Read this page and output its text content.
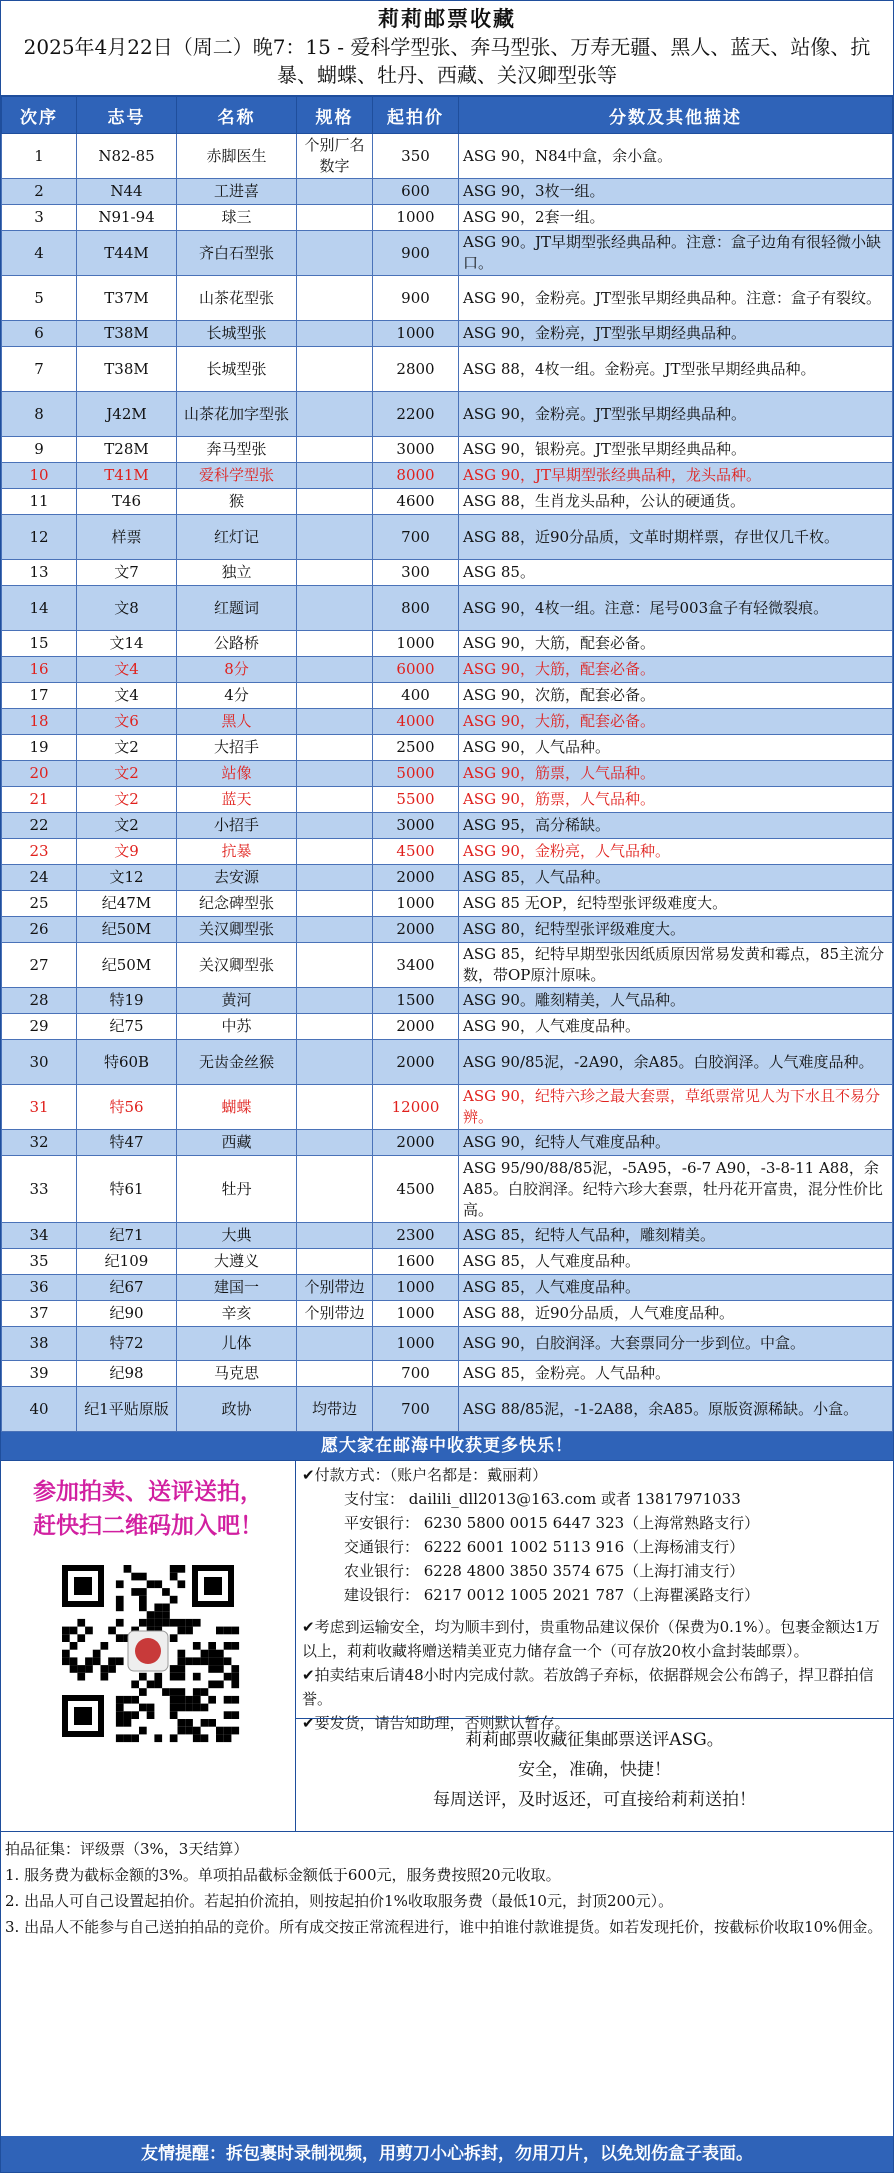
莉莉邮票收藏
2025年4月22日（周二）晚7：15 - 爱科学型张、奔马型张、万寿无疆、黑人、蓝天、站像、抗暴、蝴蝶、牡丹、西藏、关汉卿型张等
次序	志号	名称	规格	起拍价	分数及其他描述
1	N82-85	赤脚医生	个别厂名数字	350	ASG 90，N84中盒，余小盒。
2	N44	工进喜		600	ASG 90，3枚一组。
3	N91-94	球三		1000	ASG 90，2套一组。
4	T44M	齐白石型张		900	ASG 90。JT早期型张经典品种。注意：盒子边角有很轻微小缺口。
5	T37M	山茶花型张		900	ASG 90，金粉亮。JT型张早期经典品种。注意：盒子有裂纹。
6	T38M	长城型张		1000	ASG 90，金粉亮，JT型张早期经典品种。
7	T38M	长城型张		2800	ASG 88，4枚一组。金粉亮。JT型张早期经典品种。
8	J42M	山茶花加字型张		2200	ASG 90，金粉亮。JT型张早期经典品种。
9	T28M	奔马型张		3000	ASG 90，银粉亮。JT型张早期经典品种。
10	T41M	爱科学型张		8000	ASG 90，JT早期型张经典品种，龙头品种。
11	T46	猴		4600	ASG 88，生肖龙头品种，公认的硬通货。
12	样票	红灯记		700	ASG 88，近90分品质，文革时期样票，存世仅几千枚。
13	文7	独立		300	ASG 85。
14	文8	红题词		800	ASG 90，4枚一组。注意：尾号003盒子有轻微裂痕。
15	文14	公路桥		1000	ASG 90，大筋，配套必备。
16	文4	8分		6000	ASG 90，大筋，配套必备。
17	文4	4分		400	ASG 90，次筋，配套必备。
18	文6	黑人		4000	ASG 90，大筋，配套必备。
19	文2	大招手		2500	ASG 90，人气品种。
20	文2	站像		5000	ASG 90，筋票，人气品种。
21	文2	蓝天		5500	ASG 90，筋票，人气品种。
22	文2	小招手		3000	ASG 95，高分稀缺。
23	文9	抗暴		4500	ASG 90，金粉亮，人气品种。
24	文12	去安源		2000	ASG 85，人气品种。
25	纪47M	纪念碑型张		1000	ASG 85 无OP，纪特型张评级难度大。
26	纪50M	关汉卿型张		2000	ASG 80，纪特型张评级难度大。
27	纪50M	关汉卿型张		3400	ASG 85，纪特早期型张因纸质原因常易发黄和霉点，85主流分数，带OP原汁原味。
28	特19	黄河		1500	ASG 90。雕刻精美，人气品种。
29	纪75	中苏		2000	ASG 90，人气难度品种。
30	特60B	无齿金丝猴		2000	ASG 90/85泥，-2A90，余A85。白胶润泽。人气难度品种。
31	特56	蝴蝶		12000	ASG 90，纪特六珍之最大套票，草纸票常见人为下水且不易分辨。
32	特47	西藏		2000	ASG 90，纪特人气难度品种。
33	特61	牡丹		4500	ASG 95/90/88/85泥，-5A95，-6-7 A90，-3-8-11 A88，余A85。白胶润泽。纪特六珍大套票，牡丹花开富贵，混分性价比高。
34	纪71	大典		2300	ASG 85，纪特人气品种，雕刻精美。
35	纪109	大遵义		1600	ASG 85，人气难度品种。
36	纪67	建国一	个别带边	1000	ASG 85，人气难度品种。
37	纪90	辛亥	个别带边	1000	ASG 88，近90分品质，人气难度品种。
38	特72	儿体		1000	ASG 90，白胶润泽。大套票同分一步到位。中盒。
39	纪98	马克思		700	ASG 85，金粉亮。人气品种。
40	纪1平贴原版	政协	均带边	700	ASG 88/85泥，-1-2A88，余A85。原版资源稀缺。小盒。
愿大家在邮海中收获更多快乐！
参加拍卖、送评送拍，
赶快扫二维码加入吧！
✔付款方式：（账户名都是：戴丽莉）
支付宝： dailili_dll2013@163.com 或者 13817971033
平安银行： 6230 5800 0015 6447 323（上海常熟路支行）
交通银行： 6222 6001 1002 5113 916（上海杨浦支行）
农业银行： 6228 4800 3850 3574 675（上海打浦支行）
建设银行： 6217 0012 1005 2021 787（上海瞿溪路支行）
✔考虑到运输安全，均为顺丰到付，贵重物品建议保价（保费为0.1%）。包裹金额达1万以上，莉莉收藏将赠送精美亚克力储存盒一个（可存放20枚小盒封装邮票）。
✔拍卖结束后请48小时内完成付款。若放鸽子弃标，依据群规会公布鸽子，捍卫群拍信誉。
✔要发货，请告知助理，否则默认暂存。
莉莉邮票收藏征集邮票送评ASG。
安全，准确，快捷！
每周送评，及时返还，可直接给莉莉送拍！
拍品征集：评级票（3%，3天结算）
1. 服务费为截标金额的3%。单项拍品截标金额低于600元，服务费按照20元收取。
2. 出品人可自己设置起拍价。若起拍价流拍，则按起拍价1%收取服务费（最低10元，封顶200元）。
3. 出品人不能参与自己送拍拍品的竞价。所有成交按正常流程进行，谁中拍谁付款谁提货。如若发现托价，按截标价收取10%佣金。
友情提醒：拆包裹时录制视频，用剪刀小心拆封，勿用刀片，以免划伤盒子表面。
